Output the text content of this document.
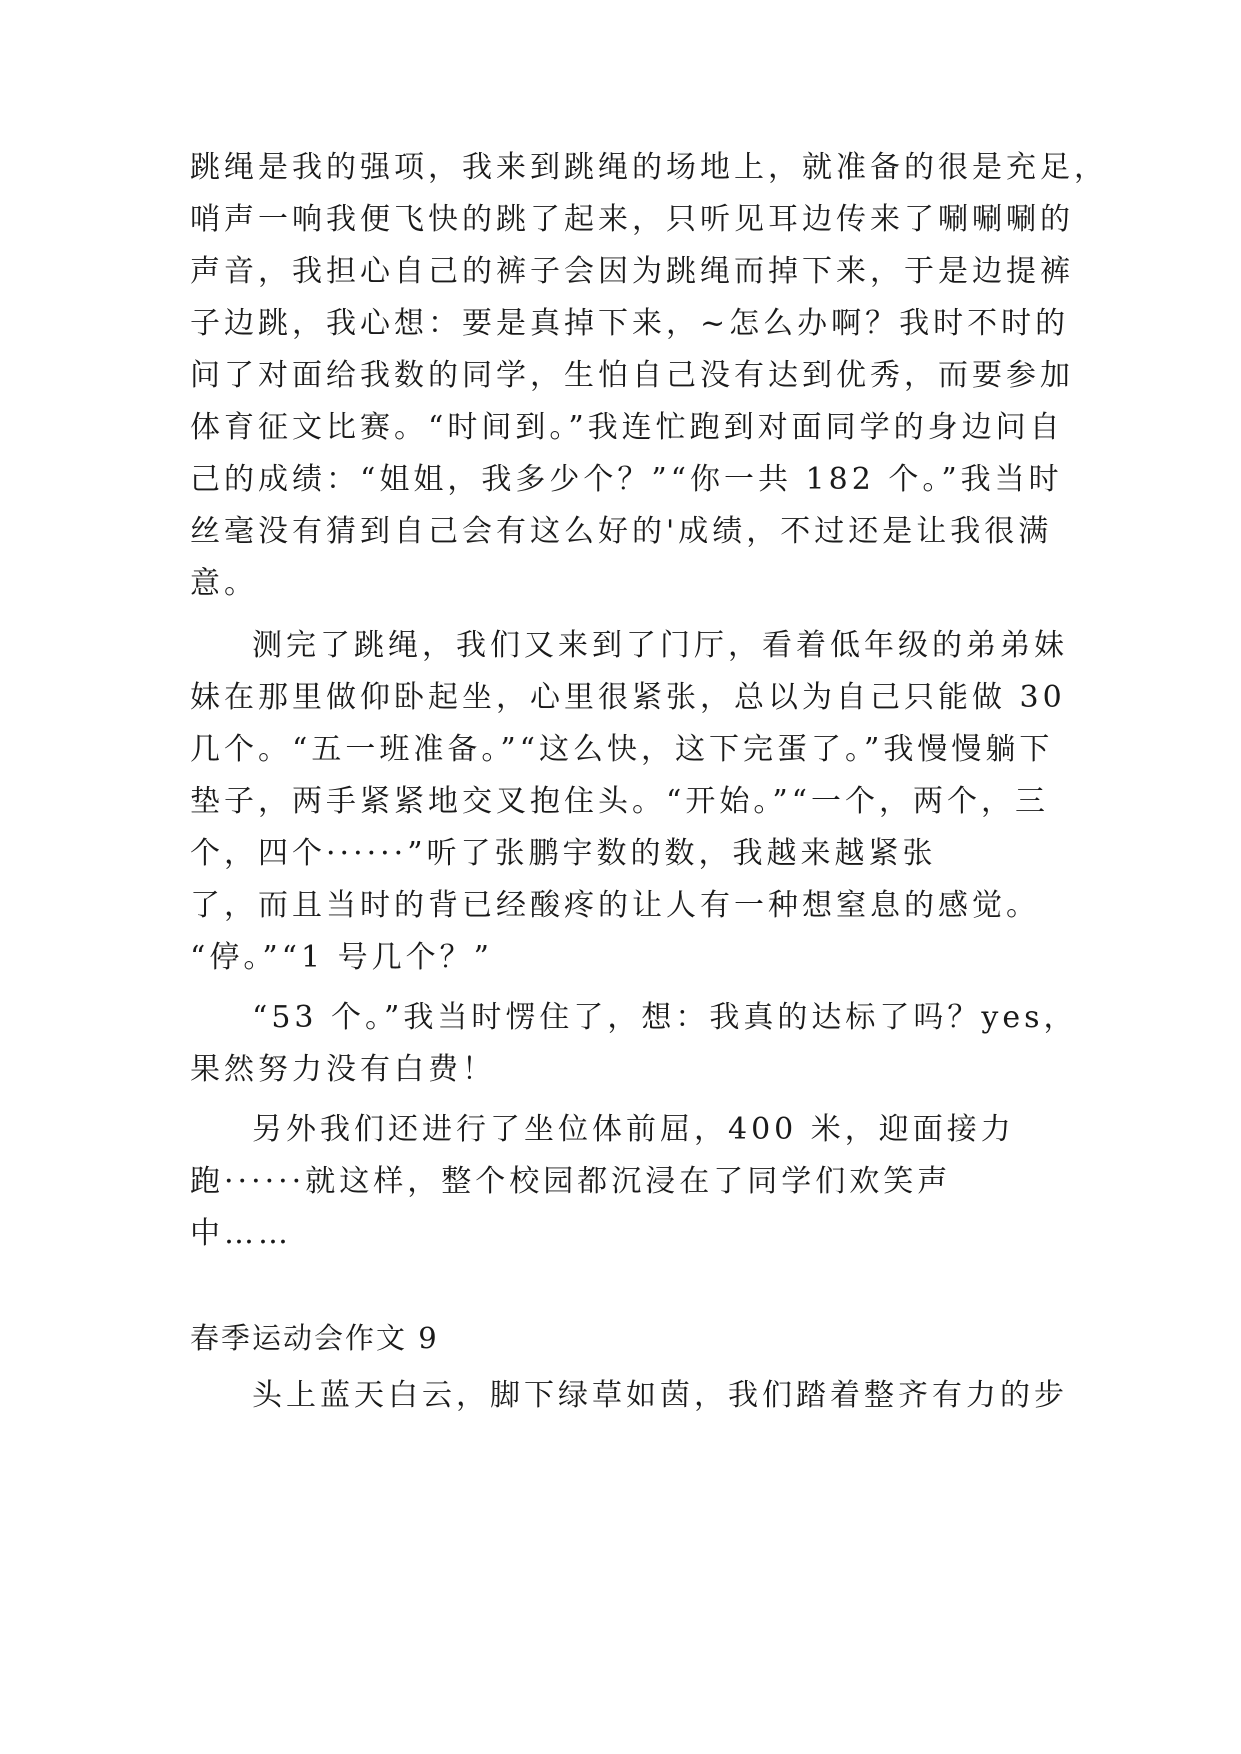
跳绳是我的强项，我来到跳绳的场地上，就准备的很是充足，
哨声一响我便飞快的跳了起来，只听见耳边传来了唰唰唰的
声音，我担心自己的裤子会因为跳绳而掉下来，于是边提裤
子边跳，我心想：要是真掉下来，~怎么办啊？我时不时的
问了对面给我数的同学，生怕自己没有达到优秀，而要参加
体育征文比赛。“时间到。”我连忙跑到对面同学的身边问自
己的成绩：“姐姐，我多少个？”“你一共 182 个。”我当时
丝毫没有猜到自己会有这么好的'成绩，不过还是让我很满
意。
测完了跳绳，我们又来到了门厅，看着低年级的弟弟妹
妹在那里做仰卧起坐，心里很紧张，总以为自己只能做 30
几个。“五一班准备。”“这么快，这下完蛋了。”我慢慢躺下
垫子，两手紧紧地交叉抱住头。“开始。”“一个，两个，三
个，四个······”听了张鹏宇数的数，我越来越紧张
了，而且当时的背已经酸疼的让人有一种想窒息的感觉。
“停。”“1 号几个？”
“53 个。”我当时愣住了，想：我真的达标了吗？yes，
果然努力没有白费！
另外我们还进行了坐位体前屈，400 米，迎面接力
跑······就这样，整个校园都沉浸在了同学们欢笑声
中……
春季运动会作文 9
头上蓝天白云，脚下绿草如茵，我们踏着整齐有力的步
